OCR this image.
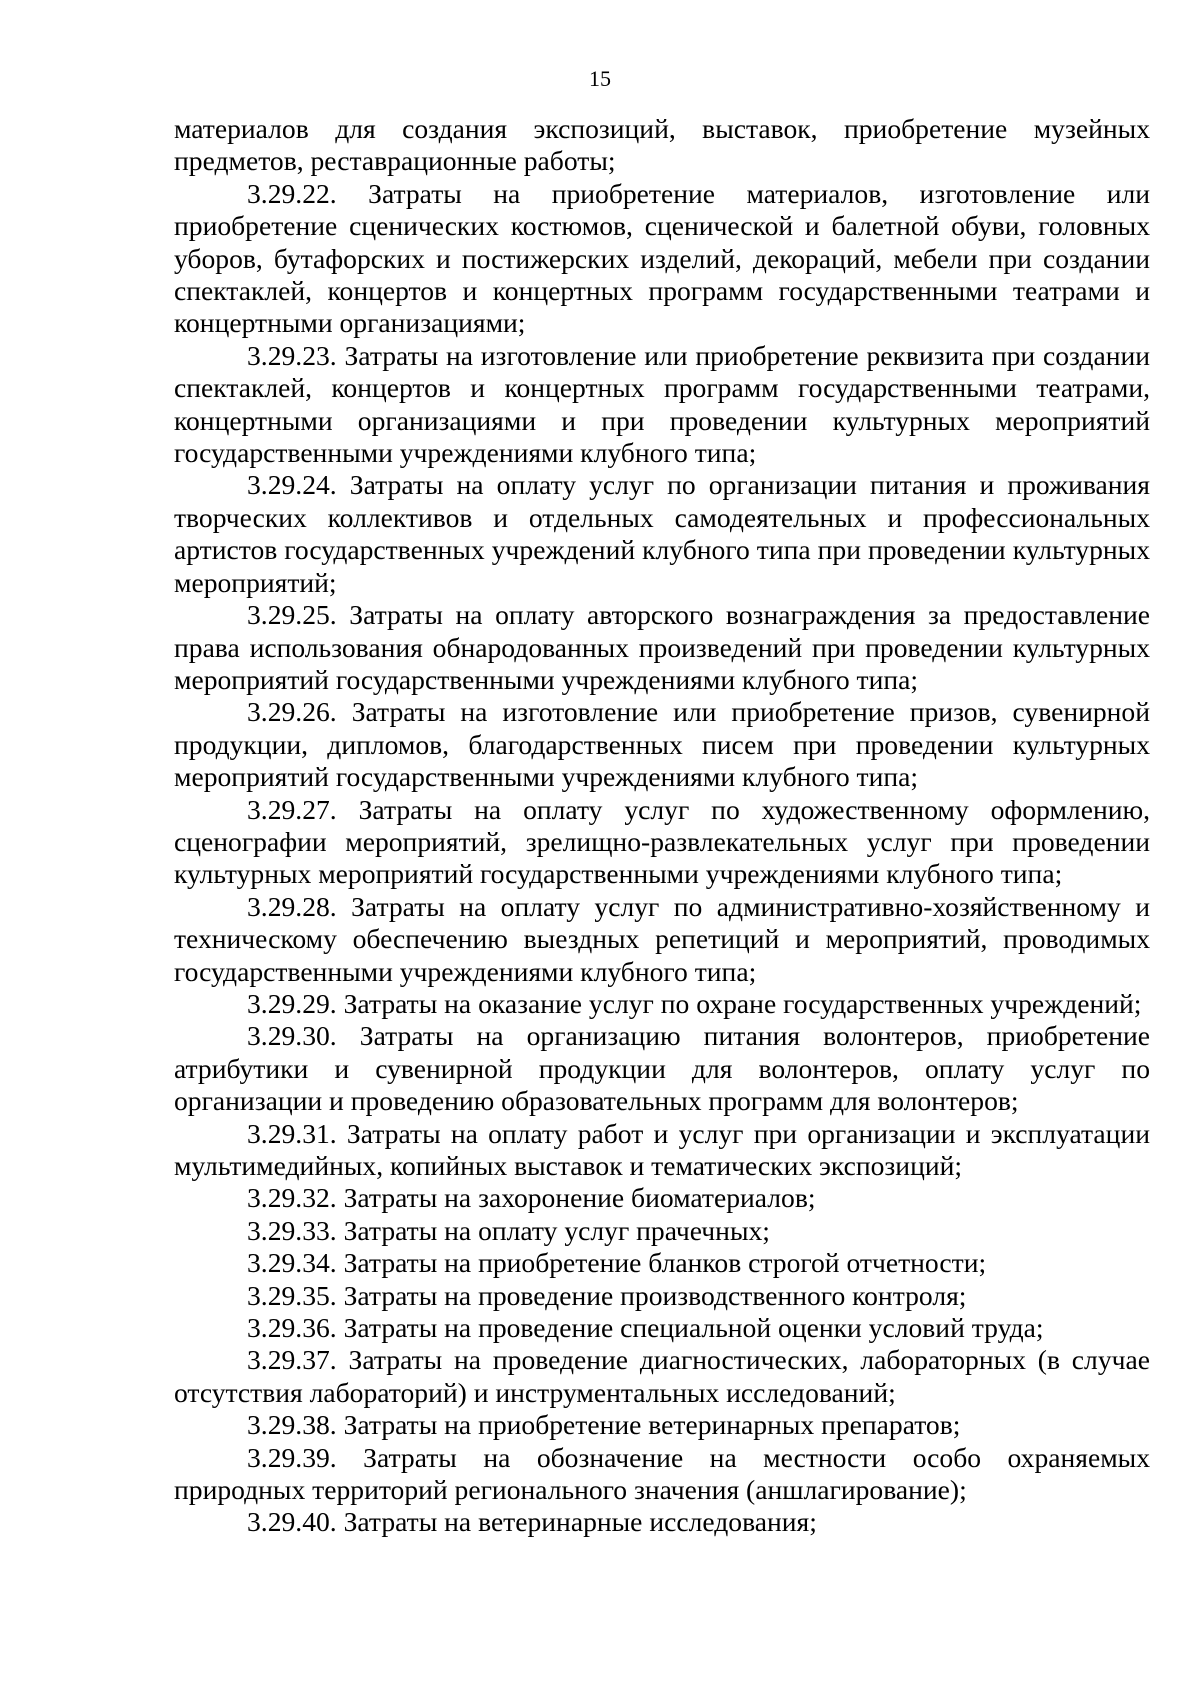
15

материалов для создания экспозиций, выставок, приобретение музейных предметов, реставрационные работы;

3.29.22. Затраты на приобретение материалов, изготовление или приобретение сценических костюмов, сценической и балетной обуви, головных уборов, бутафорских и постижерских изделий, декораций, мебели при создании спектаклей, концертов и концертных программ государственными театрами и концертными организациями;

3.29.23. Затраты на изготовление или приобретение реквизита при создании спектаклей, концертов и концертных программ государственными театрами, концертными организациями и при проведении культурных мероприятий государственными учреждениями клубного типа;

3.29.24. Затраты на оплату услуг по организации питания и проживания творческих коллективов и отдельных самодеятельных и профессиональных артистов государственных учреждений клубного типа при проведении культурных мероприятий;

3.29.25. Затраты на оплату авторского вознаграждения за предоставление права использования обнародованных произведений при проведении культурных мероприятий государственными учреждениями клубного типа;

3.29.26. Затраты на изготовление или приобретение призов, сувенирной продукции, дипломов, благодарственных писем при проведении культурных мероприятий государственными учреждениями клубного типа;

3.29.27. Затраты на оплату услуг по художественному оформлению, сценографии мероприятий, зрелищно-развлекательных услуг при проведении культурных мероприятий государственными учреждениями клубного типа;

3.29.28. Затраты на оплату услуг по административно-хозяйственному и техническому обеспечению выездных репетиций и мероприятий, проводимых государственными учреждениями клубного типа;

3.29.29. Затраты на оказание услуг по охране государственных учреждений;

3.29.30. Затраты на организацию питания волонтеров, приобретение атрибутики и сувенирной продукции для волонтеров, оплату услуг по организации и проведению образовательных программ для волонтеров;

3.29.31. Затраты на оплату работ и услуг при организации и эксплуатации мультимедийных, копийных выставок и тематических экспозиций;

3.29.32. Затраты на захоронение биоматериалов;

3.29.33. Затраты на оплату услуг прачечных;

3.29.34. Затраты на приобретение бланков строгой отчетности;

3.29.35. Затраты на проведение производственного контроля;

3.29.36. Затраты на проведение специальной оценки условий труда;

3.29.37. Затраты на проведение диагностических, лабораторных (в случае отсутствия лабораторий) и инструментальных исследований;

3.29.38. Затраты на приобретение ветеринарных препаратов;

3.29.39. Затраты на обозначение на местности особо охраняемых природных территорий регионального значения (аншлагирование);

3.29.40. Затраты на ветеринарные исследования;
